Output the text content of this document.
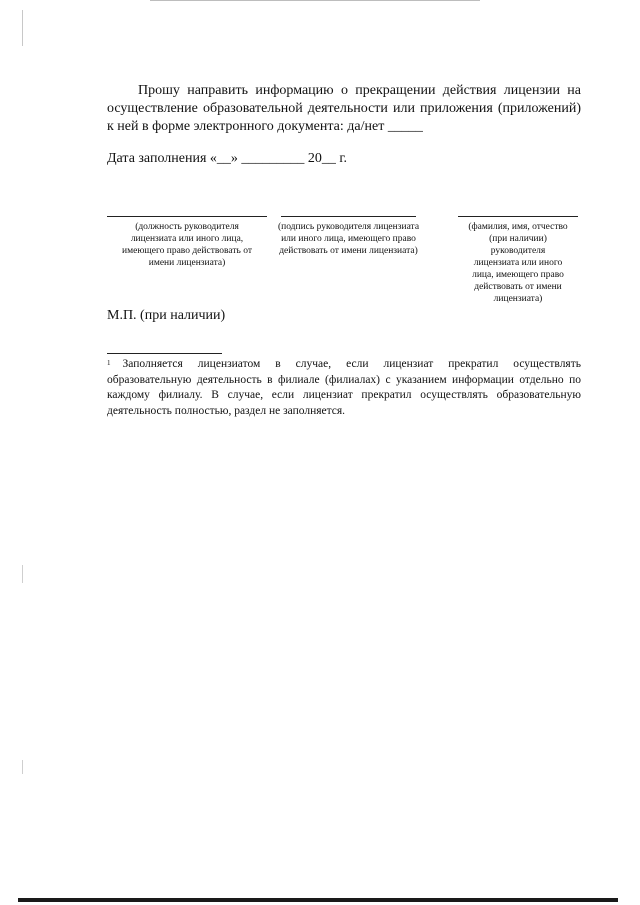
Прошу направить информацию о прекращении действия лицензии на
осуществление образовательной деятельности или приложения (приложений)
к ней в форме электронного документа: да/нет _____
Дата заполнения «__» _________ 20__ г.
(должность руководителя
лицензиата или иного лица,
имеющего право действовать от
имени лицензиата)
(подпись руководителя лицензиата
или иного лица, имеющего право
действовать от имени лицензиата)
(фамилия, имя, отчество
(при наличии)
руководителя
лицензиата или иного
лица, имеющего право
действовать от имени
лицензиата)
М.П. (при наличии)
$^1$ Заполняется лицензиатом в случае, если лицензиат прекратил осуществлять
образовательную деятельность в филиале (филиалах) с указанием информации отдельно по
каждому филиалу. В случае, если лицензиат прекратил осуществлять образовательную
деятельность полностью, раздел не заполняется.
